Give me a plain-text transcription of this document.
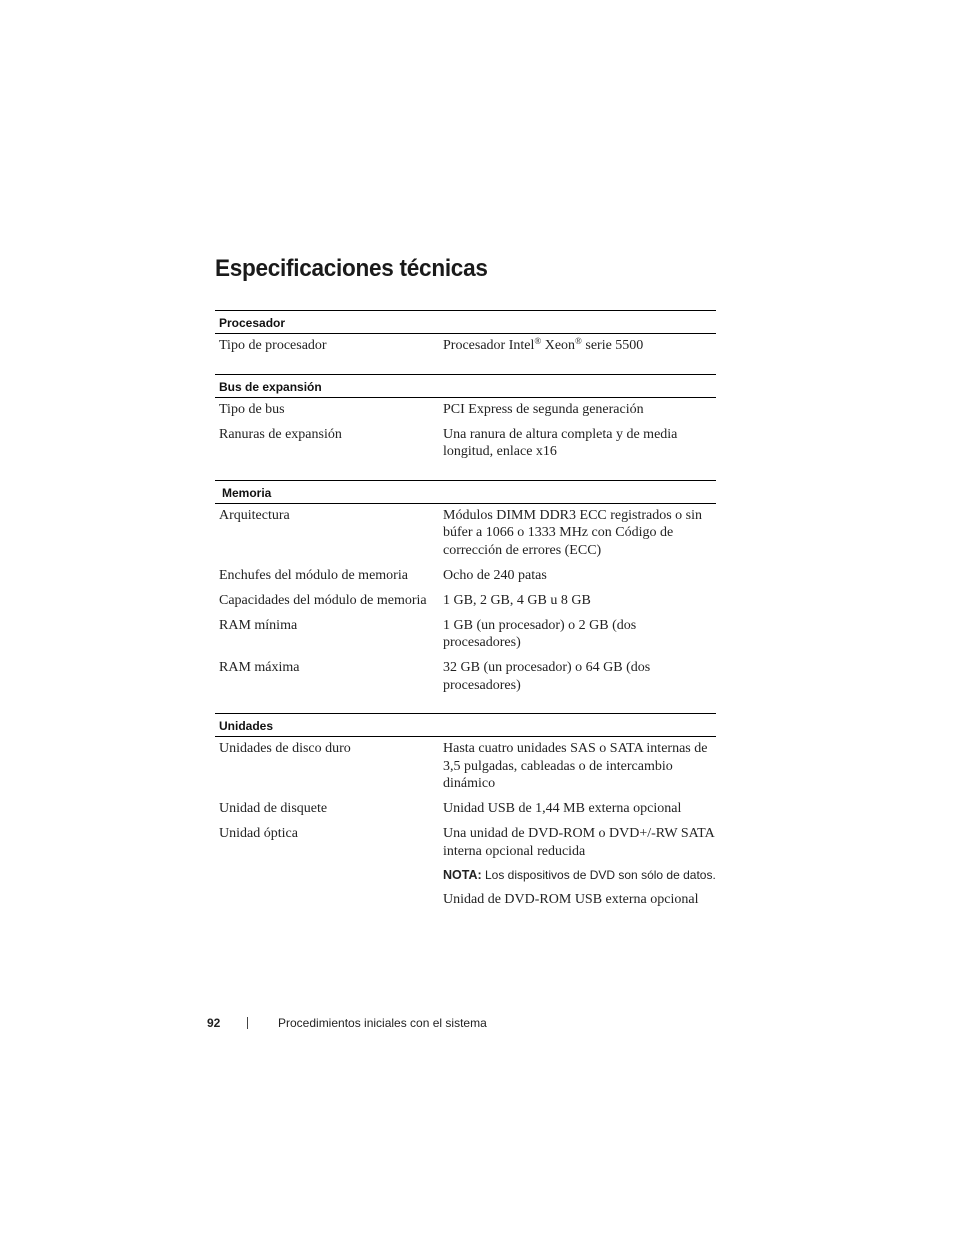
Especificaciones técnicas
Procesador
Tipo de procesador	Procesador Intel® Xeon® serie 5500
Bus de expansión
Tipo de bus	PCI Express de segunda generación
Ranuras de expansión	Una ranura de altura completa y de media longitud, enlace x16
Memoria
Arquitectura	Módulos DIMM DDR3 ECC registrados o sin búfer a 1066 o 1333 MHz con Código de corrección de errores (ECC)
Enchufes del módulo de memoria	Ocho de 240 patas
Capacidades del módulo de memoria	1 GB, 2 GB, 4 GB u 8 GB
RAM mínima	1 GB (un procesador) o 2 GB (dos procesadores)
RAM máxima	32 GB (un procesador) o 64 GB (dos procesadores)
Unidades
Unidades de disco duro	Hasta cuatro unidades SAS o SATA internas de 3,5 pulgadas, cableadas o de intercambio dinámico
Unidad de disquete	Unidad USB de 1,44 MB externa opcional
Unidad óptica	Una unidad de DVD-ROM o DVD+/-RW SATA interna opcional reducida

NOTA: Los dispositivos de DVD son sólo de datos.

Unidad de DVD-ROM USB externa opcional

92	Procedimientos iniciales con el sistema
